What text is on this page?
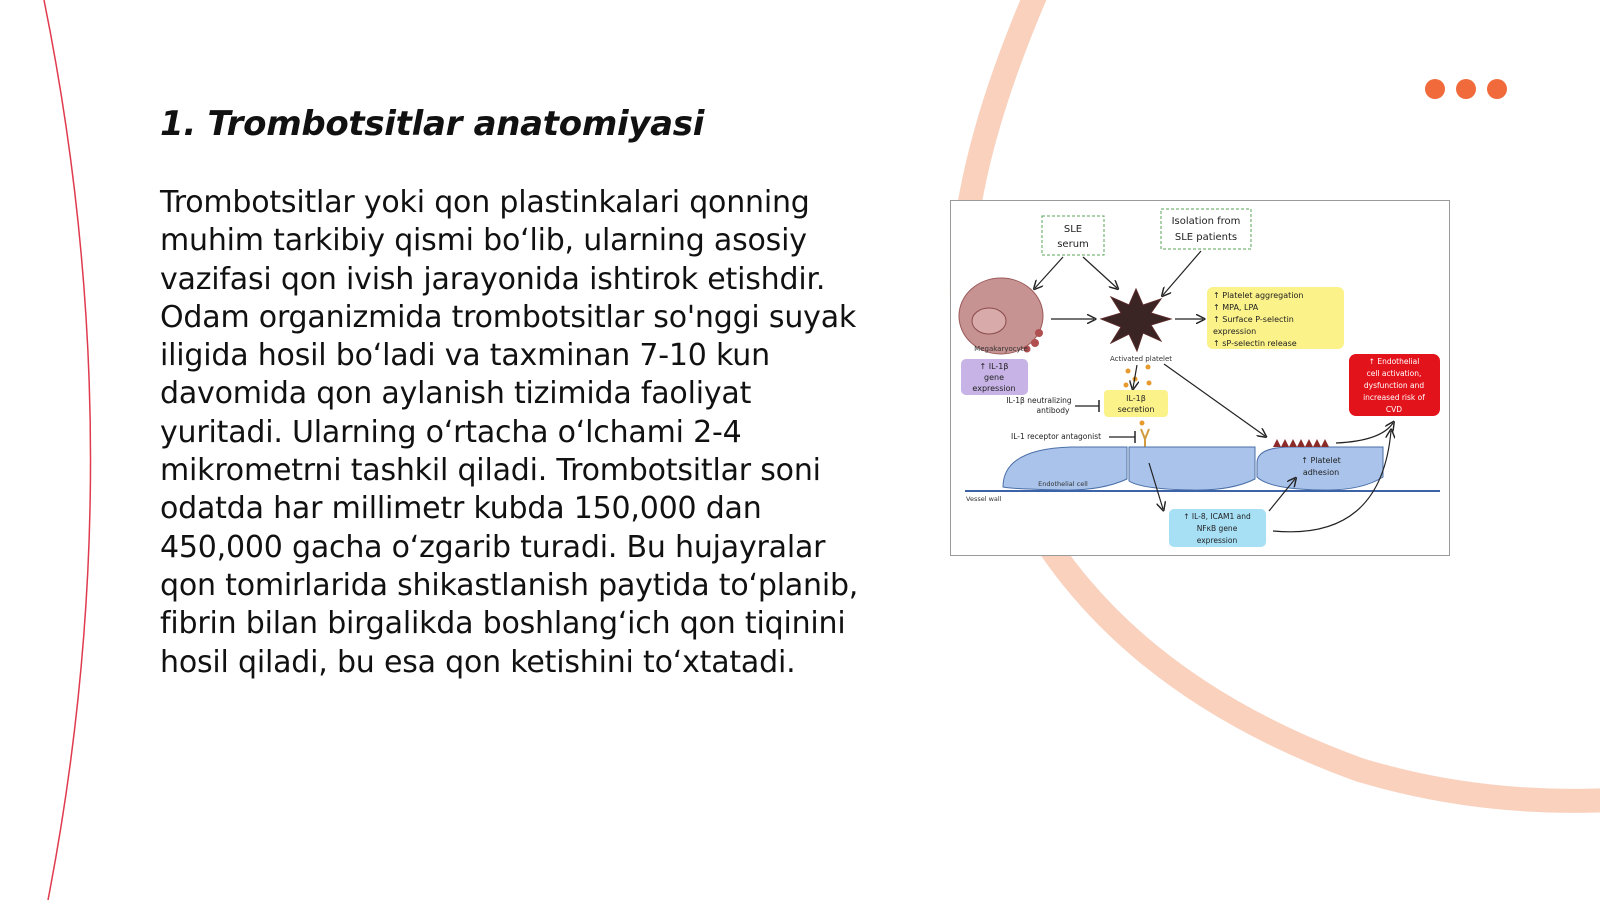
1. Trombotsitlar anatomiyasi

Trombotsitlar yoki qon plastinkalari qonning muhim tarkibiy qismi bo‘lib, ularning asosiy vazifasi qon ivish jarayonida ishtirok etishdir. Odam organizmida trombotsitlar so'nggi suyak iligida hosil bo‘ladi va taxminan 7-10 kun davomida qon aylanish tizimida faoliyat yuritadi. Ularning o‘rtacha o‘lchami 2-4 mikrometrni tashkil qiladi. Trombotsitlar soni odatda har millimetr kubda 150,000 dan 450,000 gacha o‘zgarib turadi. Bu hujayralar qon tomirlarida shikastlanish paytida to‘planib, fibrin bilan birgalikda boshlang‘ich qon tiqinini hosil qiladi, bu esa qon ketishini to‘xtatadi.

SLE
serum
Isolation from
SLE patients
Megakaryocyte
Activated platelet
↑ Platelet aggregation
↑ MPA, LPA
↑ Surface P-selectin
expression
↑ sP-selectin release
↑ IL-1β
gene
expression
IL-1β
secretion
IL-1β neutralizing
antibody
IL-1 receptor antagonist
↑ Endothelial
cell activation,
dysfunction and
increased risk of
CVD
Endothelial cell
↑ Platelet
adhesion
Vessel wall
↑ IL-8, ICAM1 and
NFκB gene
expression
